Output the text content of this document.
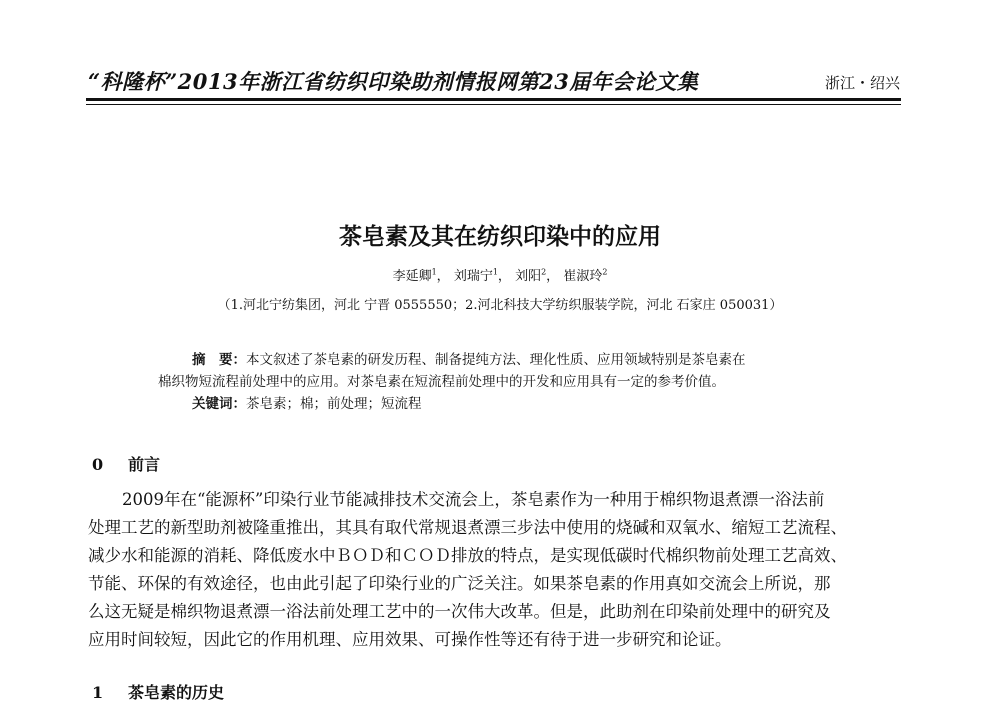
“科隆杯”2013年浙江省纺织印染助剂情报网第23届年会论文集	浙江・绍兴
茶皂素及其在纺织印染中的应用
李延卿$^1$， 刘瑞宁$^1$， 刘阳$^2$， 崔淑玲$^2$
（1.河北宁纺集团，河北 宁晋 0555550；2.河北科技大学纺织服装学院，河北 石家庄 050031）
摘　要：本文叙述了茶皂素的研发历程、制备提纯方法、理化性质、应用领域特别是茶皂素在
棉织物短流程前处理中的应用。对茶皂素在短流程前处理中的开发和应用具有一定的参考价值。
关键词：茶皂素；棉；前处理；短流程
0 前言
2009年在“能源杯”印染行业节能减排技术交流会上，茶皂素作为一种用于棉织物退煮漂一浴法前
处理工艺的新型助剂被隆重推出，其具有取代常规退煮漂三步法中使用的烧碱和双氧水、缩短工艺流程、
减少水和能源的消耗、降低废水中ＢＯＤ和ＣＯＤ排放的特点，是实现低碳时代棉织物前处理工艺高效、
节能、环保的有效途径，也由此引起了印染行业的广泛关注。如果茶皂素的作用真如交流会上所说，那
么这无疑是棉织物退煮漂一浴法前处理工艺中的一次伟大改革。但是，此助剂在印染前处理中的研究及
应用时间较短，因此它的作用机理、应用效果、可操作性等还有待于进一步研究和论证。
1 茶皂素的历史
